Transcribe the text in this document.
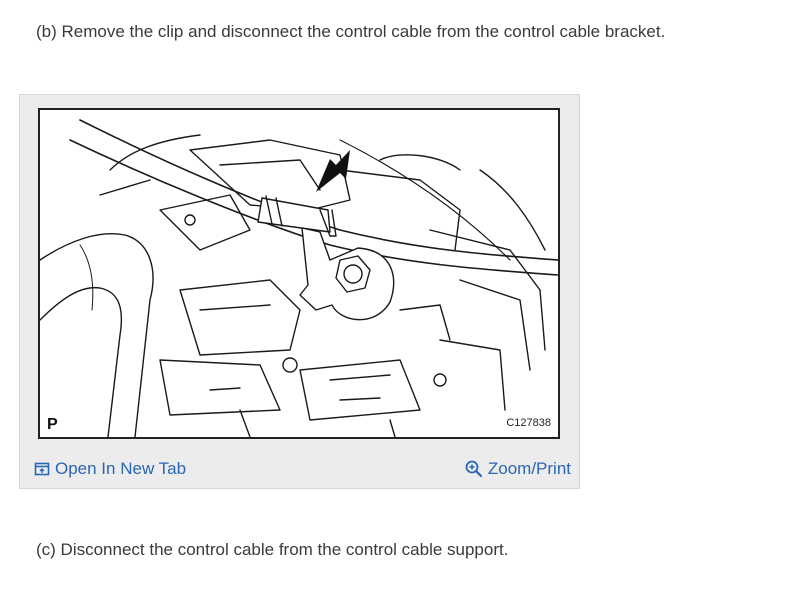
(b) Remove the clip and disconnect the control cable from the control cable bracket.
P	C127838
Open In New Tab	Zoom/Print
(c) Disconnect the control cable from the control cable support.
